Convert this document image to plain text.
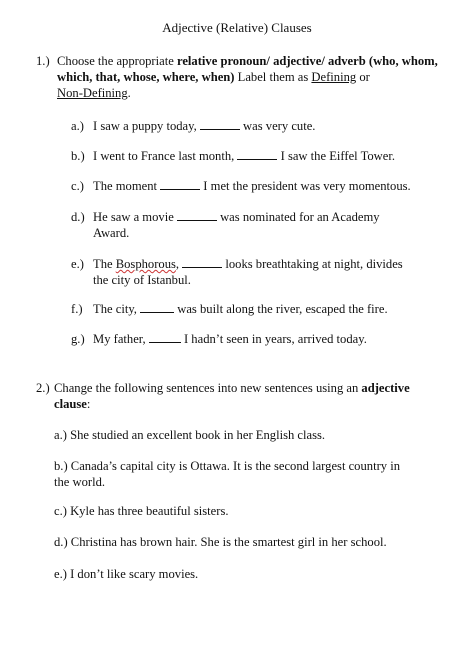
Adjective (Relative) Clauses
1.) Choose the appropriate relative pronoun/ adjective/ adverb (who, whom, which, that, whose, where, when) Label them as Defining or
Non-Defining.
a.) I saw a puppy today,	was very cute.
b.) I went to France last month,	I saw the Eiffel Tower.
c.) The moment	I met the president was very momentous.
d.) He saw a movie	was nominated for an Academy
Award.
e.) The Bosphorous,	looks breathtaking at night, divides
the city of Istanbul.
f.) The city,	was built along the river, escaped the fire.
g.) My father,	I hadn’t seen in years, arrived today.
2.) Change the following sentences into new sentences using an adjective
clause:
a.) She studied an excellent book in her English class.
b.) Canada’s capital city is Ottawa. It is the second largest country in
the world.
c.) Kyle has three beautiful sisters.
d.) Christina has brown hair. She is the smartest girl in her school.
e.) I don’t like scary movies.
